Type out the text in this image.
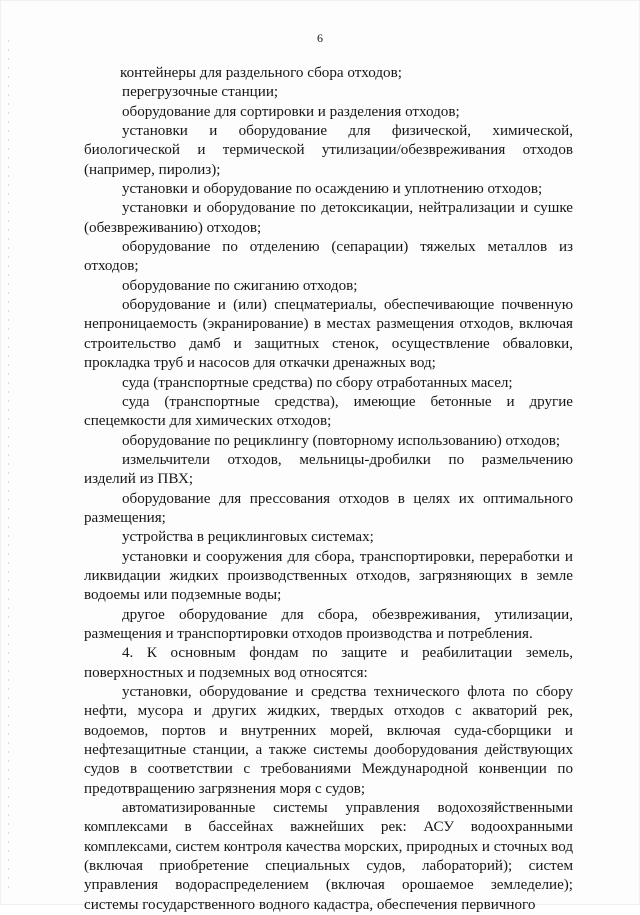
6

контейнеры для раздельного сбора отходов;

перегрузочные станции;

оборудование для сортировки и разделения отходов;

установки и оборудование для физической, химической, биологической и термической утилизации/обезвреживания отходов (например, пиролиз);

установки и оборудование по осаждению и уплотнению отходов;

установки и оборудование по детоксикации, нейтрализации и сушке (обезвреживанию) отходов;

оборудование по отделению (сепарации) тяжелых металлов из отходов;

оборудование по сжиганию отходов;

оборудование и (или) спецматериалы, обеспечивающие почвенную непроницаемость (экранирование) в местах размещения отходов, включая строительство дамб и защитных стенок, осуществление обваловки, прокладка труб и насосов для откачки дренажных вод;

суда (транспортные средства) по сбору отработанных масел;

суда (транспортные средства), имеющие бетонные и другие спецемкости для химических отходов;

оборудование по рециклингу (повторному использованию) отходов;

измельчители отходов, мельницы-дробилки по размельчению изделий из ПВХ;

оборудование для прессования отходов в целях их оптимального размещения;

устройства в рециклинговых системах;

установки и сооружения для сбора, транспортировки, переработки и ликвидации жидких производственных отходов, загрязняющих в земле водоемы или подземные воды;

другое оборудование для сбора, обезвреживания, утилизации, размещения и транспортировки отходов производства и потребления.

4. К основным фондам по защите и реабилитации земель, поверхностных и подземных вод относятся:

установки, оборудование и средства технического флота по сбору нефти, мусора и других жидких, твердых отходов с акваторий рек, водоемов, портов и внутренних морей, включая суда-сборщики и нефтезащитные станции, а также системы дооборудования действующих судов в соответствии с требованиями Международной конвенции по предотвращению загрязнения моря с судов;

автоматизированные системы управления водохозяйственными комплексами в бассейнах важнейших рек: АСУ водоохранными комплексами, систем контроля качества морских, природных и сточных вод (включая приобретение специальных судов, лабораторий); систем управления водораспределением (включая орошаемое земледелие); системы государственного водного кадастра, обеспечения первичного
